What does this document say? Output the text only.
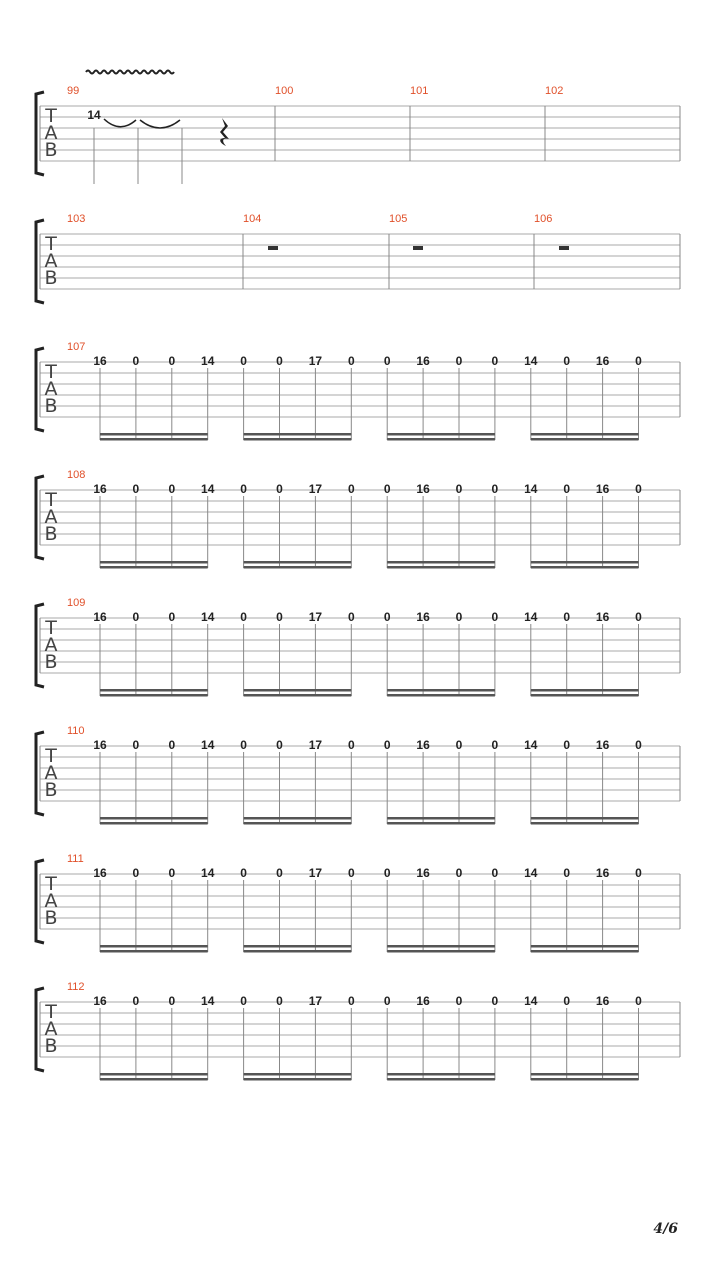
T
A
B
99	100	101	102
14
T
A
B
103	104	105	106
T
A
B
107
16 0 0 14 0 0 17 0 0 16 0 0 14 0 16 0
T
A
B
108
16 0 0 14 0 0 17 0 0 16 0 0 14 0 16 0
T
A
B
109
16 0 0 14 0 0 17 0 0 16 0 0 14 0 16 0
T
A
B
110
16 0 0 14 0 0 17 0 0 16 0 0 14 0 16 0
T
A
B
111
16 0 0 14 0 0 17 0 0 16 0 0 14 0 16 0
T
A
B
112
16 0 0 14 0 0 17 0 0 16 0 0 14 0 16 0
4/6
